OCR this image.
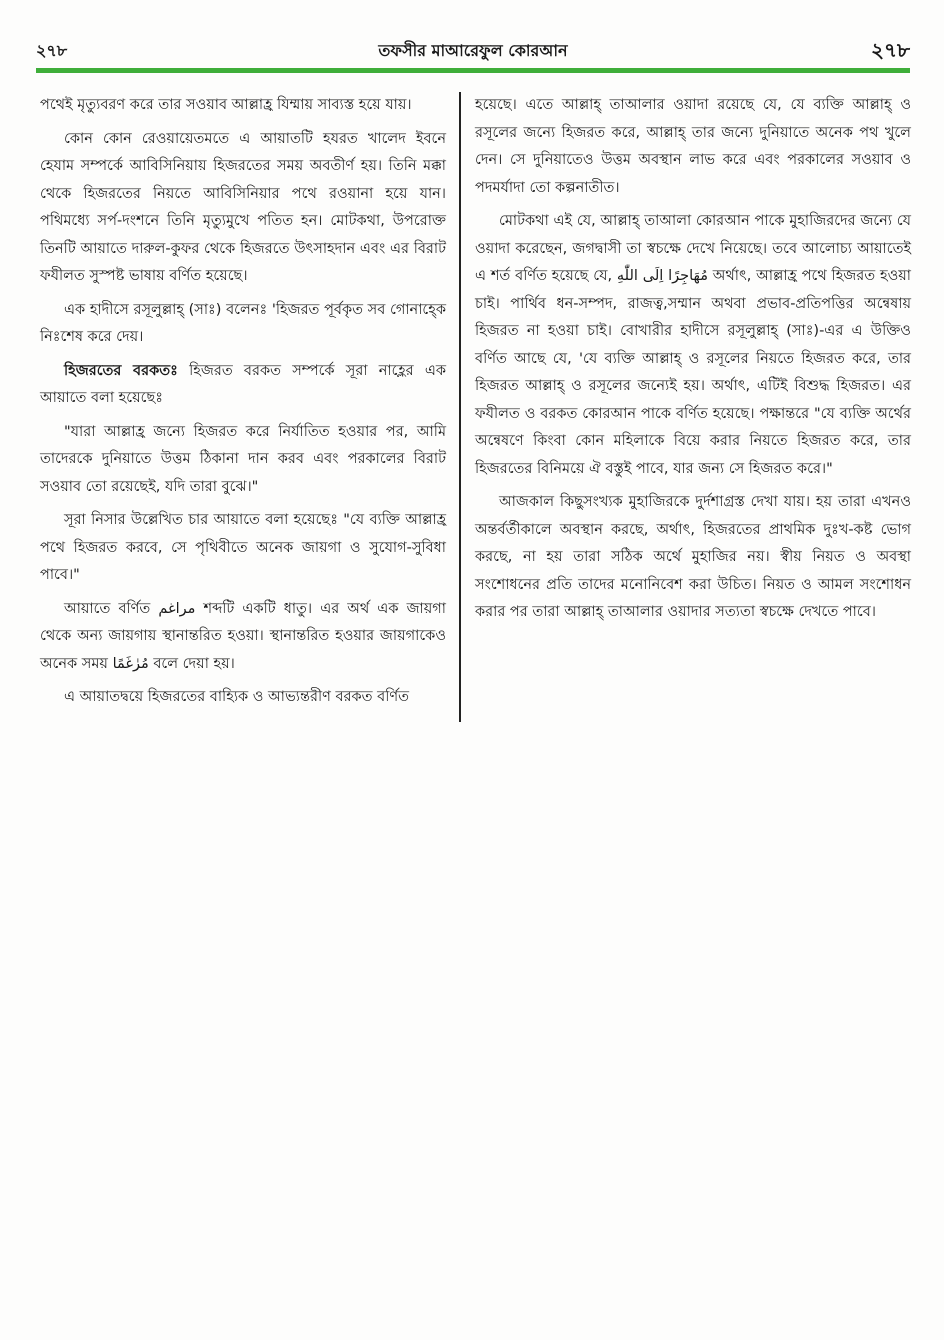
২৭৮	তফসীর মাআরেফুল কোরআন	২৭৮

পথেই মৃত্যুবরণ করে তার সওয়াব আল্লাহ্র যিম্মায় সাব্যস্ত হয়ে যায়।

কোন কোন রেওয়ায়েতমতে এ আয়াতটি হযরত খালেদ ইবনে হেযাম সম্পর্কে আবিসিনিয়ায় হিজরতের সময় অবতীর্ণ হয়। তিনি মক্কা থেকে হিজরতের নিয়তে আবিসিনিয়ার পথে রওয়ানা হয়ে যান। পথিমধ্যে সর্প-দংশনে তিনি মৃত্যুমুখে পতিত হন। মোটকথা, উপরোক্ত তিনটি আয়াতে দারুল-কুফর থেকে হিজরতে উৎসাহদান এবং এর বিরাট ফযীলত সুস্পষ্ট ভাষায় বর্ণিত হয়েছে।

এক হাদীসে রসূলুল্লাহ্ (সাঃ) বলেনঃ 'হিজরত পূর্বকৃত সব গোনাহ্কে নিঃশেষ করে দেয়।

হিজরতের বরকতঃ হিজরত বরকত সম্পর্কে সূরা নাহ্লের এক আয়াতে বলা হয়েছেঃ

"যারা আল্লাহ্র জন্যে হিজরত করে নির্যাতিত হওয়ার পর, আমি তাদেরকে দুনিয়াতে উত্তম ঠিকানা দান করব এবং পরকালের বিরাট সওয়াব তো রয়েছেই, যদি তারা বুঝে।"

সূরা নিসার উল্লেখিত চার আয়াতে বলা হয়েছেঃ "যে ব্যক্তি আল্লাহ্র পথে হিজরত করবে, সে পৃথিবীতে অনেক জায়গা ও সুযোগ-সুবিধা পাবে।"

আয়াতে বর্ণিত مراغم শব্দটি একটি ধাতু। এর অর্থ এক জায়গা থেকে অন্য জায়গায় স্থানান্তরিত হওয়া। স্থানান্তরিত হওয়ার জায়গাকেও অনেক সময় مُرٰغَمًا বলে দেয়া হয়।

এ আয়াতদ্বয়ে হিজরতের বাহ্যিক ও আভ্যন্তরীণ বরকত বর্ণিত

হয়েছে। এতে আল্লাহ্ তাআলার ওয়াদা রয়েছে যে, যে ব্যক্তি আল্লাহ্ ও রসূলের জন্যে হিজরত করে, আল্লাহ্ তার জন্যে দুনিয়াতে অনেক পথ খুলে দেন। সে দুনিয়াতেও উত্তম অবস্থান লাভ করে এবং পরকালের সওয়াব ও পদমর্যাদা তো কল্পনাতীত।

মোটকথা এই যে, আল্লাহ্ তাআলা কোরআন পাকে মুহাজিরদের জন্যে যে ওয়াদা করেছেন, জগদ্বাসী তা স্বচক্ষে দেখে নিয়েছে। তবে আলোচ্য আয়াতেই এ শর্ত বর্ণিত হয়েছে যে, مُهَاجِرًا اِلَى اللّٰهِ অর্থাৎ, আল্লাহ্র পথে হিজরত হওয়া চাই। পার্থিব ধন-সম্পদ, রাজত্ব,সম্মান অথবা প্রভাব-প্রতিপত্তির অন্বেষায় হিজরত না হওয়া চাই। বোখারীর হাদীসে রসূলুল্লাহ্ (সাঃ)-এর এ উক্তিও বর্ণিত আছে যে, 'যে ব্যক্তি আল্লাহ্ ও রসূলের নিয়তে হিজরত করে, তার হিজরত আল্লাহ্ ও রসূলের জন্যেই হয়। অর্থাৎ, এটিই বিশুদ্ধ হিজরত। এর ফযীলত ও বরকত কোরআন পাকে বর্ণিত হয়েছে। পক্ষান্তরে "যে ব্যক্তি অর্থের অন্বেষণে কিংবা কোন মহিলাকে বিয়ে করার নিয়তে হিজরত করে, তার হিজরতের বিনিময়ে ঐ বস্তুই পাবে, যার জন্য সে হিজরত করে।"

আজকাল কিছুসংখ্যক মুহাজিরকে দুর্দশাগ্রস্ত দেখা যায়। হয় তারা এখনও অন্তর্বর্তীকালে অবস্থান করছে, অর্থাৎ, হিজরতের প্রাথমিক দুঃখ-কষ্ট ভোগ করছে, না হয় তারা সঠিক অর্থে মুহাজির নয়। স্বীয় নিয়ত ও অবস্থা সংশোধনের প্রতি তাদের মনোনিবেশ করা উচিত। নিয়ত ও আমল সংশোধন করার পর তারা আল্লাহ্ তাআলার ওয়াদার সত্যতা স্বচক্ষে দেখতে পাবে।
